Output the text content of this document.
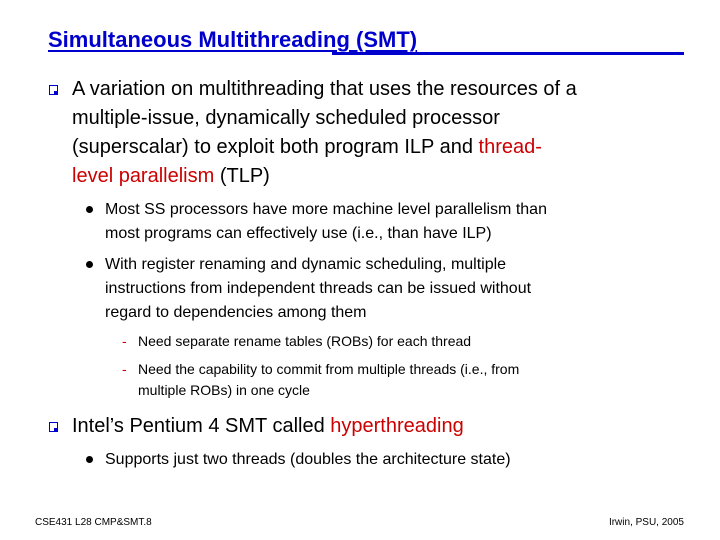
Simultaneous Multithreading (SMT)
A variation on multithreading that uses the resources of a
multiple-issue, dynamically scheduled processor
(superscalar) to exploit both program ILP and thread-
level parallelism (TLP)
Most SS processors have more machine level parallelism than
most programs can effectively use (i.e., than have ILP)
With register renaming and dynamic scheduling, multiple
instructions from independent threads can be issued without
regard to dependencies among them
- Need separate rename tables (ROBs) for each thread
- Need the capability to commit from multiple threads (i.e., from
multiple ROBs) in one cycle
Intel’s Pentium 4 SMT called hyperthreading
Supports just two threads (doubles the architecture state)
CSE431 L28 CMP&SMT.8	Irwin, PSU, 2005
